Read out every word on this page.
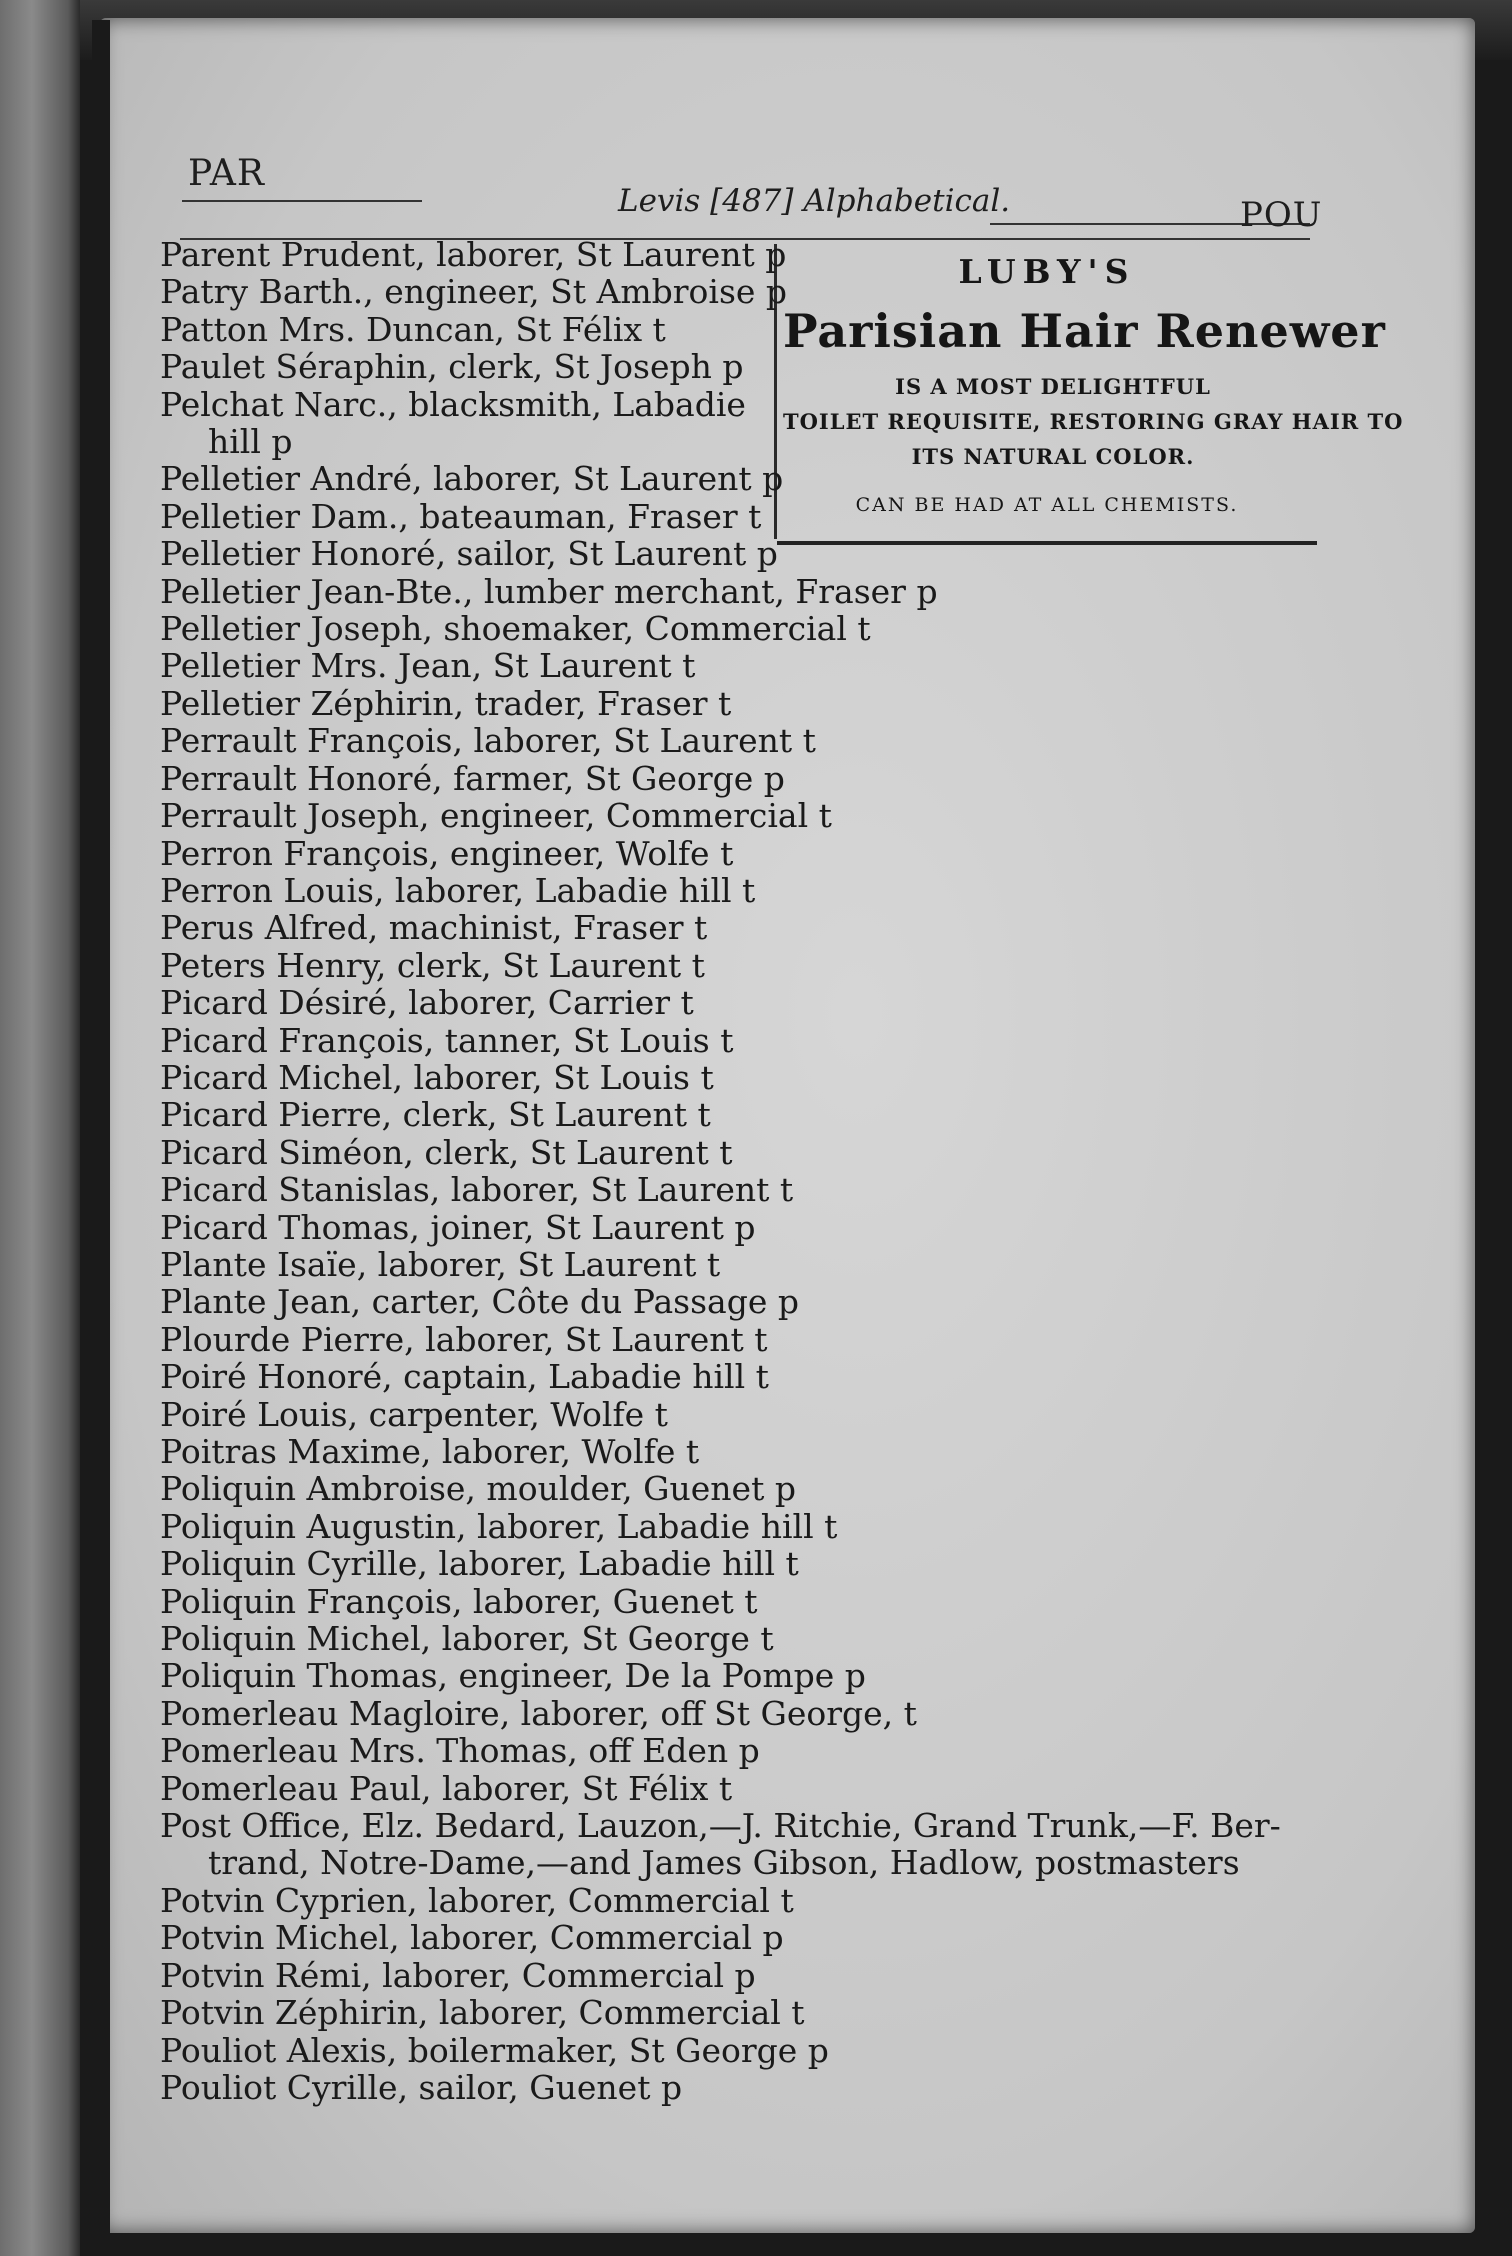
PAR
Levis [487] Alphabetical.	POU
LUBY'S
Parisian Hair Renewer
IS A MOST DELIGHTFUL
TOILET REQUISITE, RESTORING GRAY HAIR TO
ITS NATURAL COLOR.
CAN BE HAD AT ALL CHEMISTS.
Parent Prudent, laborer, St Laurent p
Patry Barth., engineer, St Ambroise p
Patton Mrs. Duncan, St Félix t
Paulet Séraphin, clerk, St Joseph p
Pelchat Narc., blacksmith, Labadie
hill p
Pelletier André, laborer, St Laurent p
Pelletier Dam., bateauman, Fraser t
Pelletier Honoré, sailor, St Laurent p
Pelletier Jean-Bte., lumber merchant, Fraser p
Pelletier Joseph, shoemaker, Commercial t
Pelletier Mrs. Jean, St Laurent t
Pelletier Zéphirin, trader, Fraser t
Perrault François, laborer, St Laurent t
Perrault Honoré, farmer, St George p
Perrault Joseph, engineer, Commercial t
Perron François, engineer, Wolfe t
Perron Louis, laborer, Labadie hill t
Perus Alfred, machinist, Fraser t
Peters Henry, clerk, St Laurent t
Picard Désiré, laborer, Carrier t
Picard François, tanner, St Louis t
Picard Michel, laborer, St Louis t
Picard Pierre, clerk, St Laurent t
Picard Siméon, clerk, St Laurent t
Picard Stanislas, laborer, St Laurent t
Picard Thomas, joiner, St Laurent p
Plante Isaïe, laborer, St Laurent t
Plante Jean, carter, Côte du Passage p
Plourde Pierre, laborer, St Laurent t
Poiré Honoré, captain, Labadie hill t
Poiré Louis, carpenter, Wolfe t
Poitras Maxime, laborer, Wolfe t
Poliquin Ambroise, moulder, Guenet p
Poliquin Augustin, laborer, Labadie hill t
Poliquin Cyrille, laborer, Labadie hill t
Poliquin François, laborer, Guenet t
Poliquin Michel, laborer, St George t
Poliquin Thomas, engineer, De la Pompe p
Pomerleau Magloire, laborer, off St George, t
Pomerleau Mrs. Thomas, off Eden p
Pomerleau Paul, laborer, St Félix t
Post Office, Elz. Bedard, Lauzon,—J. Ritchie, Grand Trunk,—F. Ber-
trand, Notre-Dame,—and James Gibson, Hadlow, postmasters
Potvin Cyprien, laborer, Commercial t
Potvin Michel, laborer, Commercial p
Potvin Rémi, laborer, Commercial p
Potvin Zéphirin, laborer, Commercial t
Pouliot Alexis, boilermaker, St George p
Pouliot Cyrille, sailor, Guenet p
